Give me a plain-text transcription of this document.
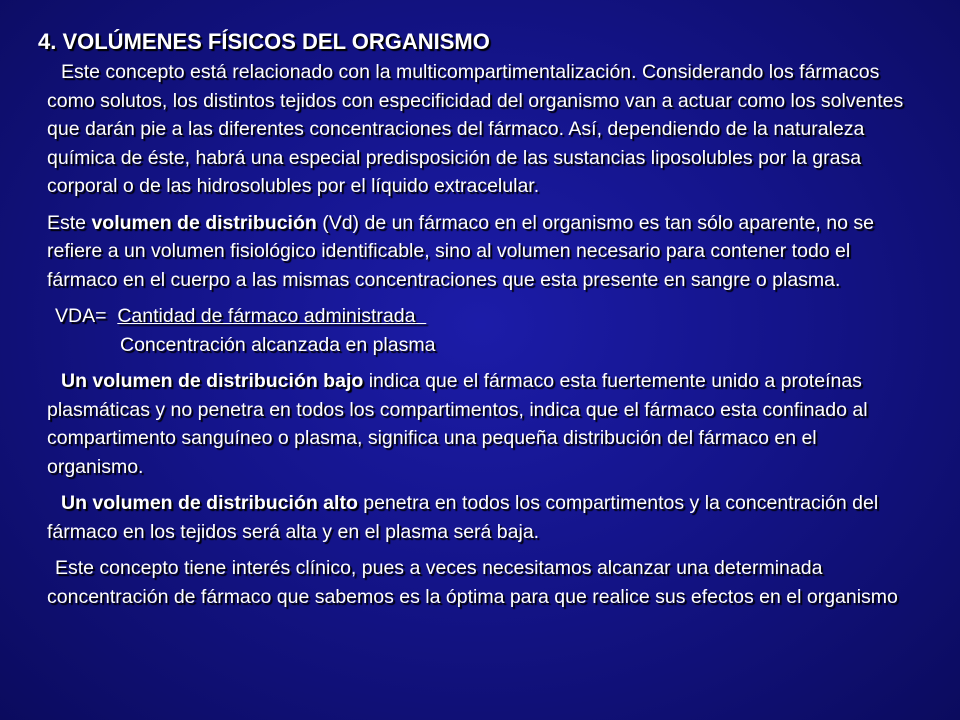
4. VOLÚMENES FÍSICOS DEL ORGANISMO

Este concepto está relacionado con la multicompartimentalización. Considerando los fármacos como solutos, los distintos tejidos con especificidad del organismo van a actuar como los solventes que darán pie a las diferentes concentraciones del fármaco. Así, dependiendo de la naturaleza química de éste, habrá una especial predisposición de las sustancias liposolubles por la grasa corporal o de las hidrosolubles por el líquido extracelular.

Este volumen de distribución (Vd) de un fármaco en el organismo es tan sólo aparente, no se refiere a un volumen fisiológico identificable, sino al volumen necesario para contener todo el fármaco en el cuerpo a las mismas concentraciones que esta presente en sangre o plasma.

VDA= Cantidad de fármaco administrada

Concentración alcanzada en plasma

Un volumen de distribución bajo indica que el fármaco esta fuertemente unido a proteínas plasmáticas y no penetra en todos los compartimentos, indica que el fármaco esta confinado al compartimento sanguíneo o plasma, significa una pequeña distribución del fármaco en el organismo.

Un volumen de distribución alto penetra en todos los compartimentos y la concentración del fármaco en los tejidos será alta y en el plasma será baja.

Este concepto tiene interés clínico, pues a veces necesitamos alcanzar una determinada concentración de fármaco que sabemos es la óptima para que realice sus efectos en el organismo
